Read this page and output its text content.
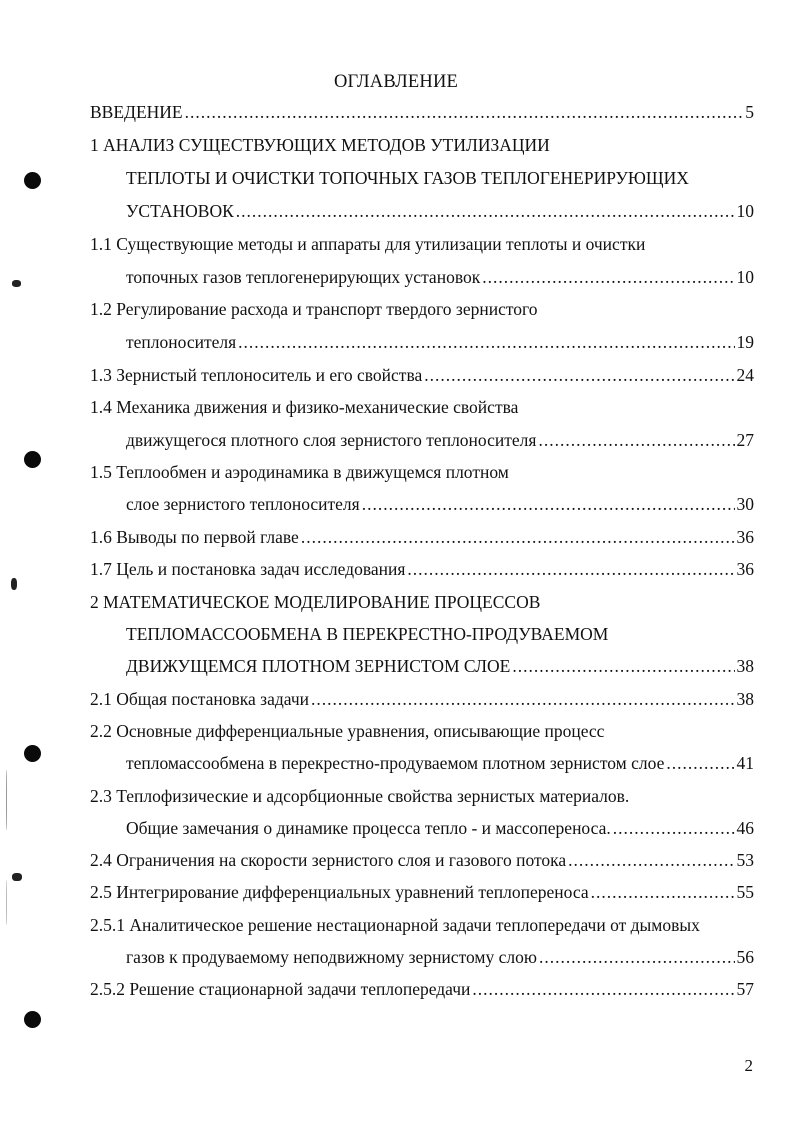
ОГЛАВЛЕНИЕ
ВВЕДЕНИЕ .....	5
1 АНАЛИЗ СУЩЕСТВУЮЩИХ МЕТОДОВ УТИЛИЗАЦИИ
ТЕПЛОТЫ И ОЧИСТКИ ТОПОЧНЫХ ГАЗОВ ТЕПЛОГЕНЕРИРУЮЩИХ
УСТАНОВОК .....	10
1.1 Существующие методы и аппараты для утилизации теплоты и очистки
топочных газов теплогенерирующих установок .....	10
1.2 Регулирование расхода и транспорт твердого зернистого
теплоносителя .....	19
1.3 Зернистый теплоноситель и его свойства .....	24
1.4 Механика движения и физико-механические свойства
движущегося плотного слоя зернистого теплоносителя .....	27
1.5 Теплообмен и аэродинамика в движущемся плотном
слое зернистого теплоносителя .....	30
1.6 Выводы по первой главе .....	36
1.7 Цель и постановка задач исследования .....	36
2 МАТЕМАТИЧЕСКОЕ МОДЕЛИРОВАНИЕ ПРОЦЕССОВ
ТЕПЛОМАССООБМЕНА В ПЕРЕКРЕСТНО-ПРОДУВАЕМОМ
ДВИЖУЩЕМСЯ ПЛОТНОМ ЗЕРНИСТОМ СЛОЕ .....	38
2.1 Общая постановка задачи .....	38
2.2 Основные дифференциальные уравнения, описывающие процесс
тепломассообмена в перекрестно-продуваемом плотном зернистом слое .....	41
2.3 Теплофизические и адсорбционные свойства зернистых материалов.
Общие замечания о динамике процесса тепло - и массопереноса. .....	46
2.4 Ограничения на скорости зернистого слоя и газового потока .....	53
2.5 Интегрирование дифференциальных уравнений теплопереноса .....	55
2.5.1 Аналитическое решение нестационарной задачи теплопередачи от дымовых
газов к продуваемому неподвижному зернистому слою .....	56
2.5.2 Решение стационарной задачи теплопередачи .....	57
2
